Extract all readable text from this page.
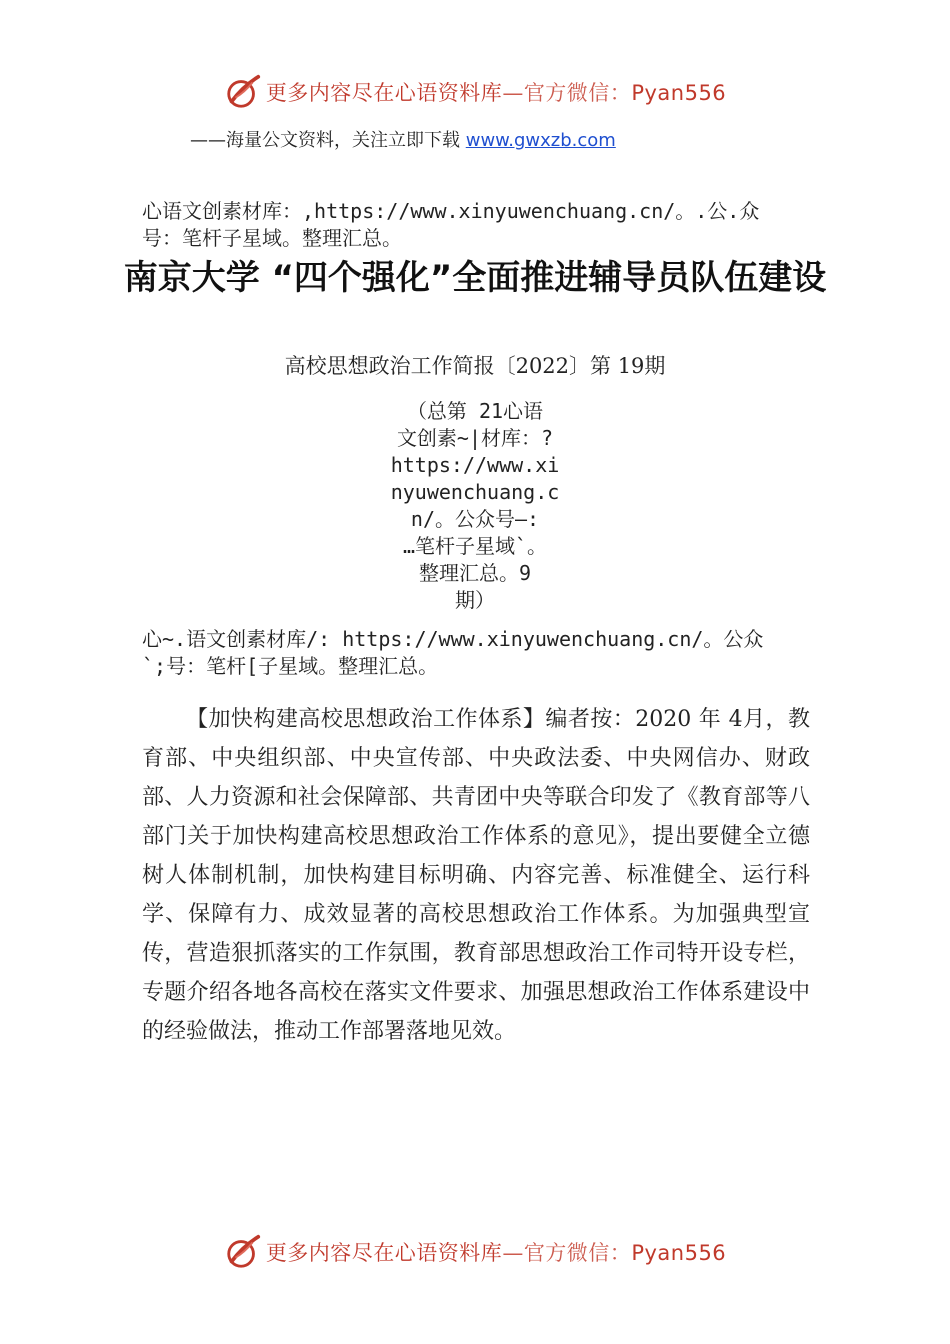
更多内容尽在心语资料库—官方微信：Pyan556
——海量公文资料，关注立即下载 www.gwxzb.com
心语文创素材库：,https://www.xinyuwenchuang.cn/。.公.众
号：笔杆子星域。整理汇总。
南京大学 “四个强化”全面推进辅导员队伍建设
高校思想政治工作简报〔2022〕第 19期
（总第 21心语
文创素~|材库：?
https://www.xi
nyuwenchuang.c
n/。公众号—:
…笔杆子星域`。
整理汇总。9
期）
心~.语文创素材库/: https://www.xinyuwenchuang.cn/。公众
`;号：笔杆[子星域。整理汇总。
【加快构建高校思想政治工作体系】编者按：2020 年 4月，教育部、中央组织部、中央宣传部、中央政法委、中央网信办、财政部、人力资源和社会保障部、共青团中央等联合印发了《教育部等八部门关于加快构建高校思想政治工作体系的意见》，提出要健全立德树人体制机制，加快构建目标明确、内容完善、标准健全、运行科学、保障有力、成效显著的高校思想政治工作体系。为加强典型宣传，营造狠抓落实的工作氛围，教育部思想政治工作司特开设专栏，专题介绍各地各高校在落实文件要求、加强思想政治工作体系建设中的经验做法，推动工作部署落地见效。
更多内容尽在心语资料库—官方微信：Pyan556
